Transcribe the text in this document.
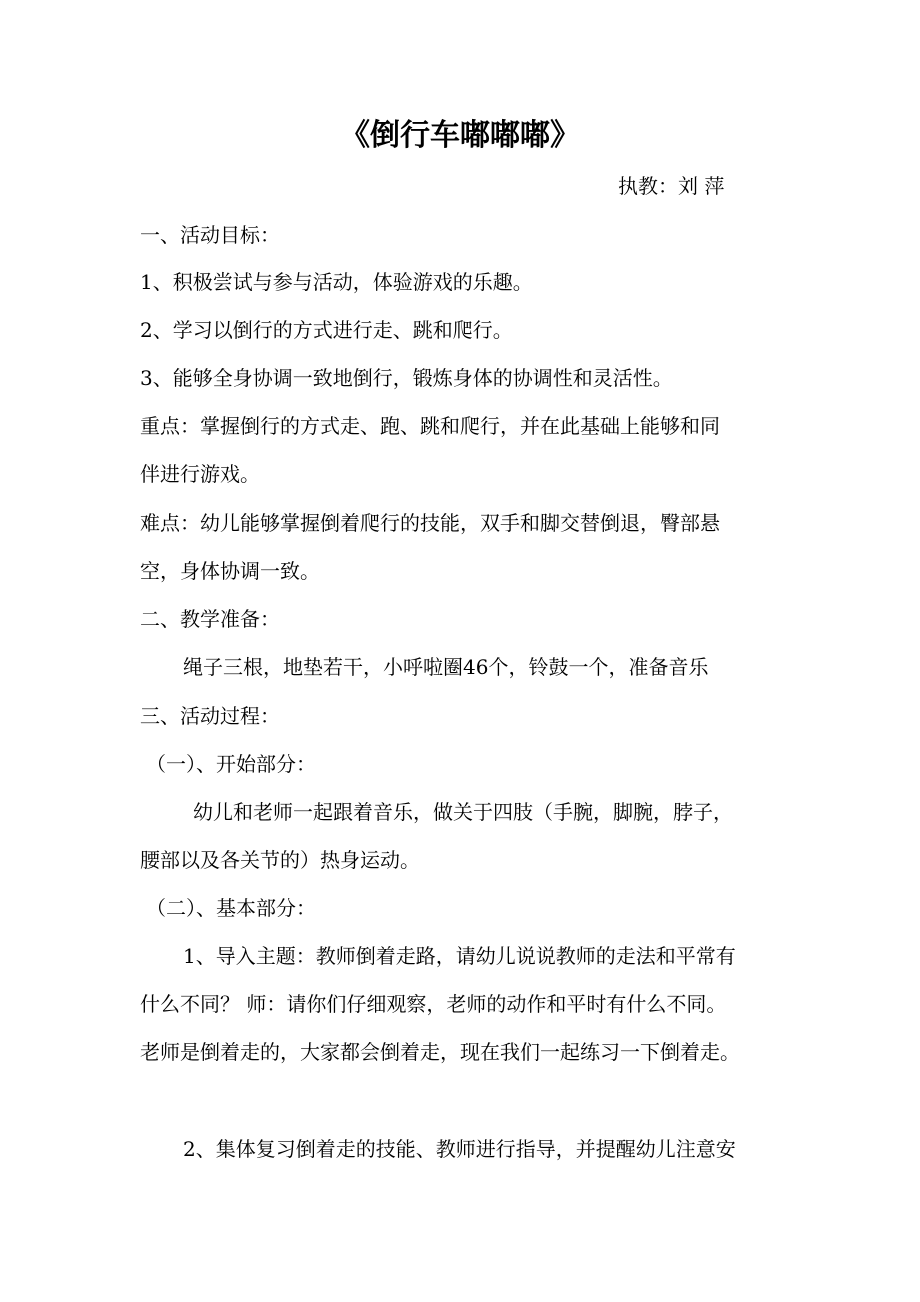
《倒行车嘟嘟嘟》
执教：刘 萍
一、活动目标：
1、积极尝试与参与活动，体验游戏的乐趣。
2、学习以倒行的方式进行走、跳和爬行。
3、能够全身协调一致地倒行，锻炼身体的协调性和灵活性。
重点：掌握倒行的方式走、跑、跳和爬行，并在此基础上能够和同
伴进行游戏。
难点：幼儿能够掌握倒着爬行的技能，双手和脚交替倒退，臀部悬
空，身体协调一致。
二、教学准备：
绳子三根，地垫若干，小呼啦圈46个，铃鼓一个，准备音乐
三、活动过程：
（一）、开始部分：
幼儿和老师一起跟着音乐，做关于四肢（手腕，脚腕，脖子，
腰部以及各关节的）热身运动。
（二）、基本部分：
1、导入主题：教师倒着走路，请幼儿说说教师的走法和平常有
什么不同？ 师：请你们仔细观察，老师的动作和平时有什么不同。
老师是倒着走的，大家都会倒着走，现在我们一起练习一下倒着走。
2、集体复习倒着走的技能、教师进行指导，并提醒幼儿注意安
